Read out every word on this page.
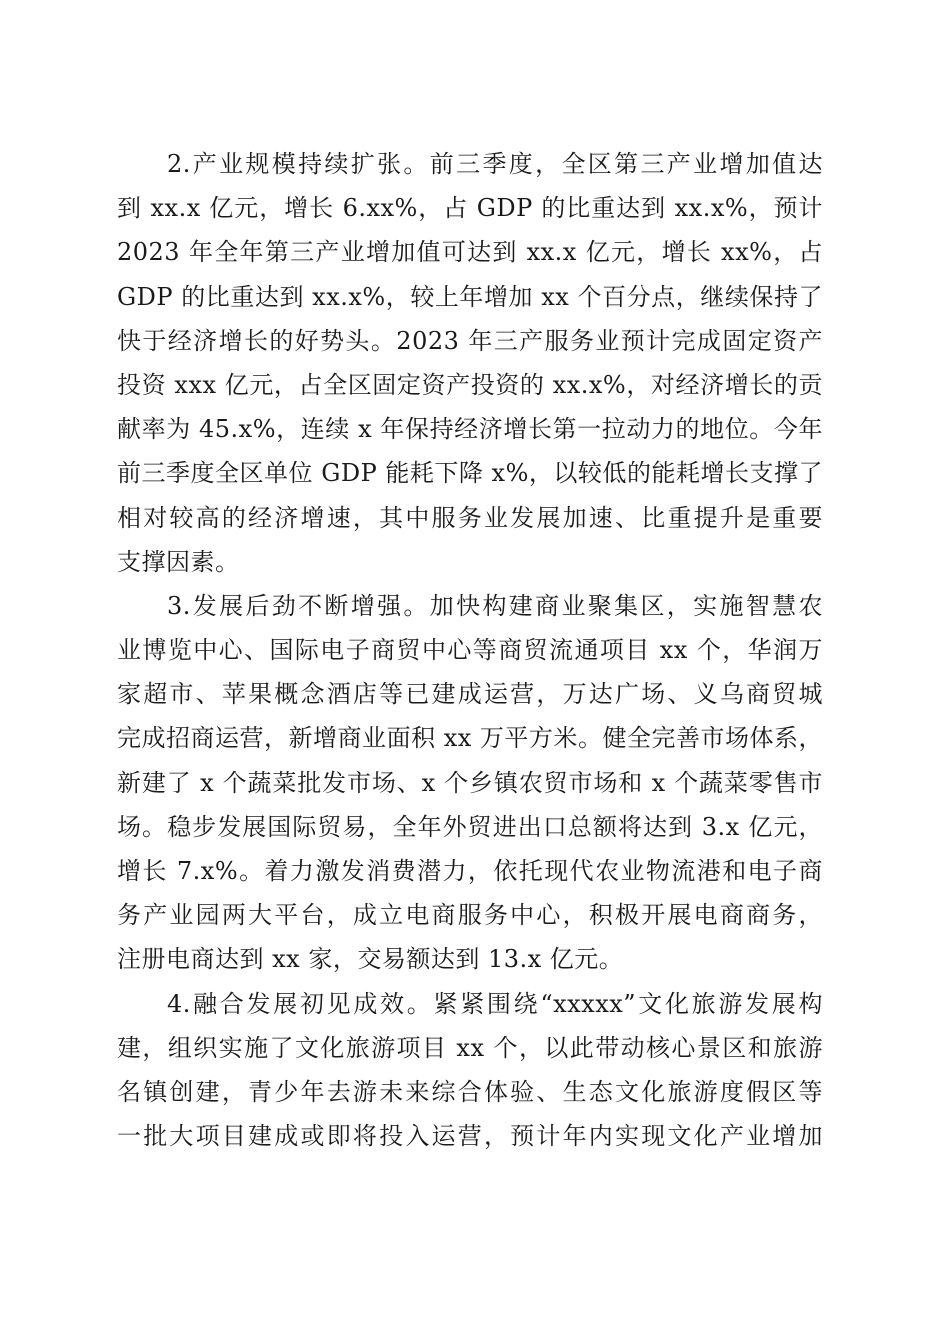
2.产业规模持续扩张。前三季度，全区第三产业增加值达
到 xx.x 亿元，增长 6.xx%，占 GDP 的比重达到 xx.x%，预计
2023 年全年第三产业增加值可达到 xx.x 亿元，增长 xx%，占
GDP 的比重达到 xx.x%，较上年增加 xx 个百分点，继续保持了
快于经济增长的好势头。2023 年三产服务业预计完成固定资产
投资 xxx 亿元，占全区固定资产投资的 xx.x%，对经济增长的贡
献率为 45.x%，连续 x 年保持经济增长第一拉动力的地位。今年
前三季度全区单位 GDP 能耗下降 x%，以较低的能耗增长支撑了
相对较高的经济增速，其中服务业发展加速、比重提升是重要
支撑因素。
3.发展后劲不断增强。加快构建商业聚集区，实施智慧农
业博览中心、国际电子商贸中心等商贸流通项目 xx 个，华润万
家超市、苹果概念酒店等已建成运营，万达广场、义乌商贸城
完成招商运营，新增商业面积 xx 万平方米。健全完善市场体系，
新建了 x 个蔬菜批发市场、x 个乡镇农贸市场和 x 个蔬菜零售市
场。稳步发展国际贸易，全年外贸进出口总额将达到 3.x 亿元，
增长 7.x%。着力激发消费潜力，依托现代农业物流港和电子商
务产业园两大平台，成立电商服务中心，积极开展电商商务，
注册电商达到 xx 家，交易额达到 13.x 亿元。
4.融合发展初见成效。紧紧围绕“xxxxx”文化旅游发展构
建，组织实施了文化旅游项目 xx 个，以此带动核心景区和旅游
名镇创建，青少年去游未来综合体验、生态文化旅游度假区等
一批大项目建成或即将投入运营，预计年内实现文化产业增加
